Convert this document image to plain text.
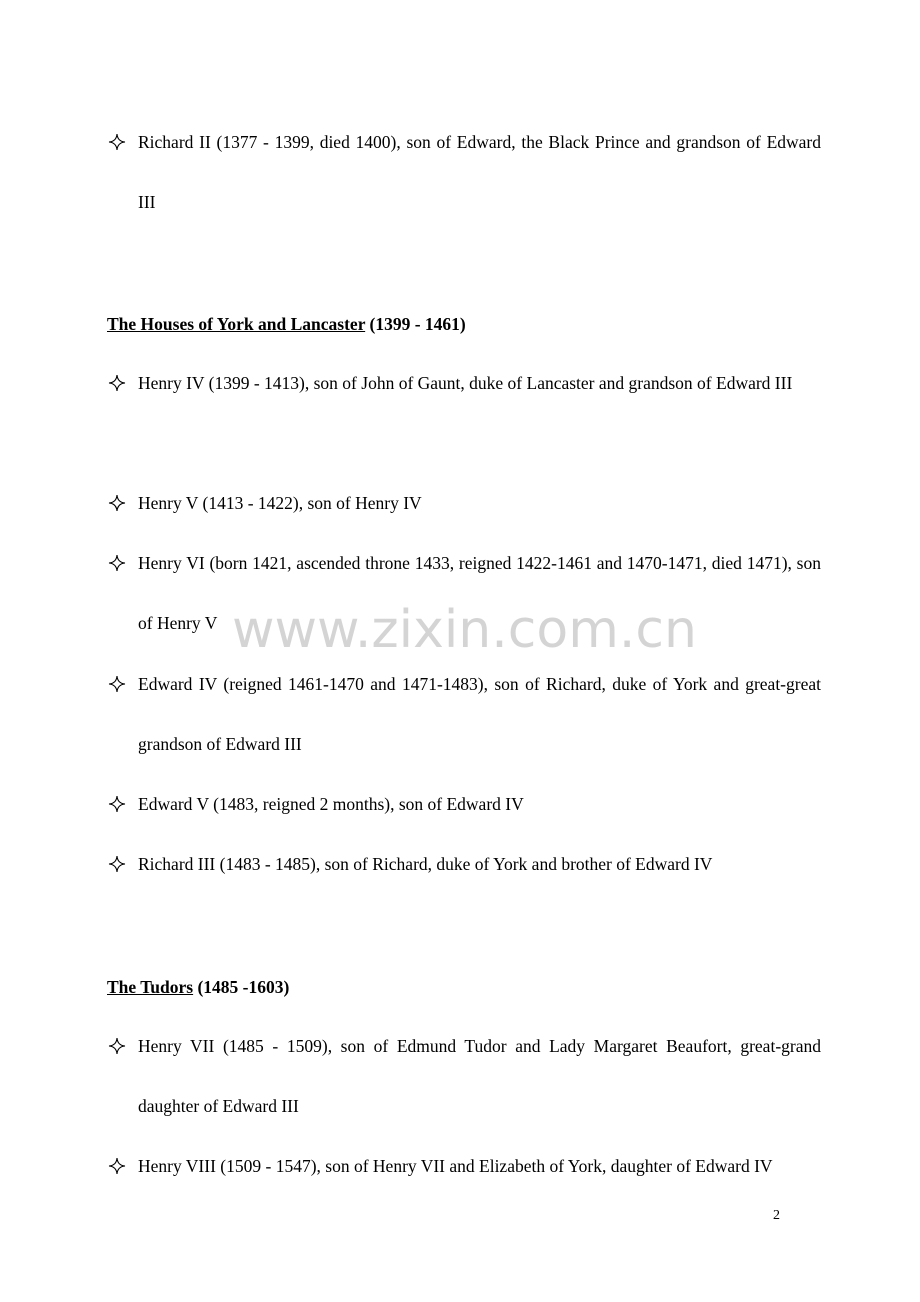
Richard II (1377 - 1399, died 1400), son of Edward, the Black Prince and grandson of Edward III
The Houses of York and Lancaster (1399 - 1461)
Henry IV (1399 - 1413), son of John of Gaunt, duke of Lancaster and grandson of Edward III
Henry V (1413 - 1422), son of Henry IV
Henry VI (born 1421, ascended throne 1433, reigned 1422-1461 and 1470-1471, died 1471), son of Henry V
Edward IV (reigned 1461-1470 and 1471-1483), son of Richard, duke of York and great-great grandson of Edward III
Edward V (1483, reigned 2 months), son of Edward IV
Richard III (1483 - 1485), son of Richard, duke of York and brother of Edward IV
The Tudors (1485 -1603)
Henry VII (1485 - 1509), son of Edmund Tudor and Lady Margaret Beaufort, great-grand daughter of Edward III
Henry VIII (1509 - 1547), son of Henry VII and Elizabeth of York, daughter of Edward IV
www.zixin.com.cn
2
